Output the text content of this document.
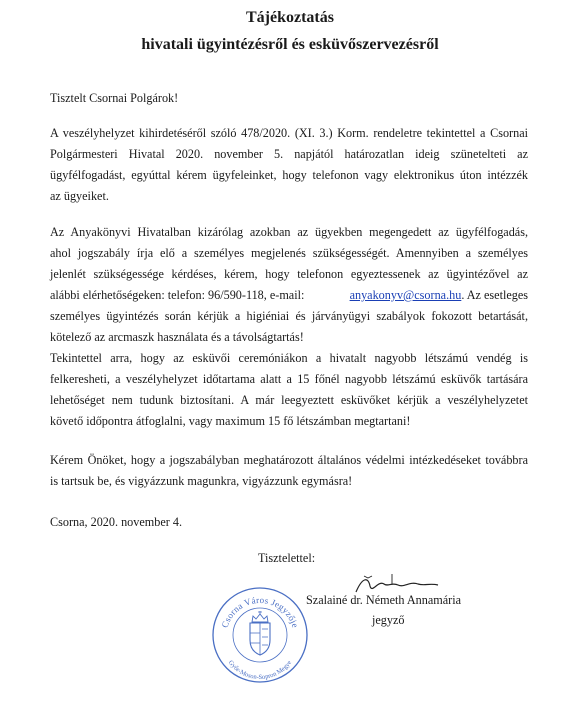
Tájékoztatás
hivatali ügyintézésről és esküvőszervezésről
Tisztelt Csornai Polgárok!
A veszélyhelyzet kihirdetéséről szóló 478/2020. (XI. 3.) Korm. rendeletre tekintettel a Csornai
Polgármesteri Hivatal 2020. november 5. napjától határozatlan ideig szünetelteti az
ügyfélfogadást, egyúttal kérem ügyfeleinket, hogy telefonon vagy elektronikus úton intézzék
az ügyeiket.
Az Anyakönyvi Hivatalban kizárólag azokban az ügyekben megengedett az ügyfélfogadás,
ahol jogszabály írja elő a személyes megjelenés szükségességét. Amennyiben a személyes
jelenlét szükségessége kérdéses, kérem, hogy telefonon egyeztessenek az ügyintézővel az
alábbi elérhetőségeken: telefon: 96/590-118, e-mail:	anyakonyv@csorna.hu. Az esetleges
személyes ügyintézés során kérjük a higiéniai és járványügyi szabályok fokozott betartását,
kötelező az arcmaszk használata és a távolságtartás!
Tekintettel arra, hogy az esküvői ceremóniákon a hivatalt nagyobb létszámú vendég is
felkeresheti, a veszélyhelyzet időtartama alatt a 15 főnél nagyobb létszámú esküvők tartására
lehetőséget nem tudunk biztosítani. A már leegyeztett esküvőket kérjük a veszélyhelyzetet
követő időpontra átfoglalni, vagy maximum 15 fő létszámban megtartani!
Kérem Önöket, hogy a jogszabályban meghatározott általános védelmi intézkedéseket továbbra
is tartsuk be, és vigyázzunk magunkra, vigyázzunk egymásra!
Csorna, 2020. november 4.
Tisztelettel:
Csorna Város Jegyzője
Győr-Moson-Sopron Megye
Szalainé dr. Németh Annamária
jegyző
